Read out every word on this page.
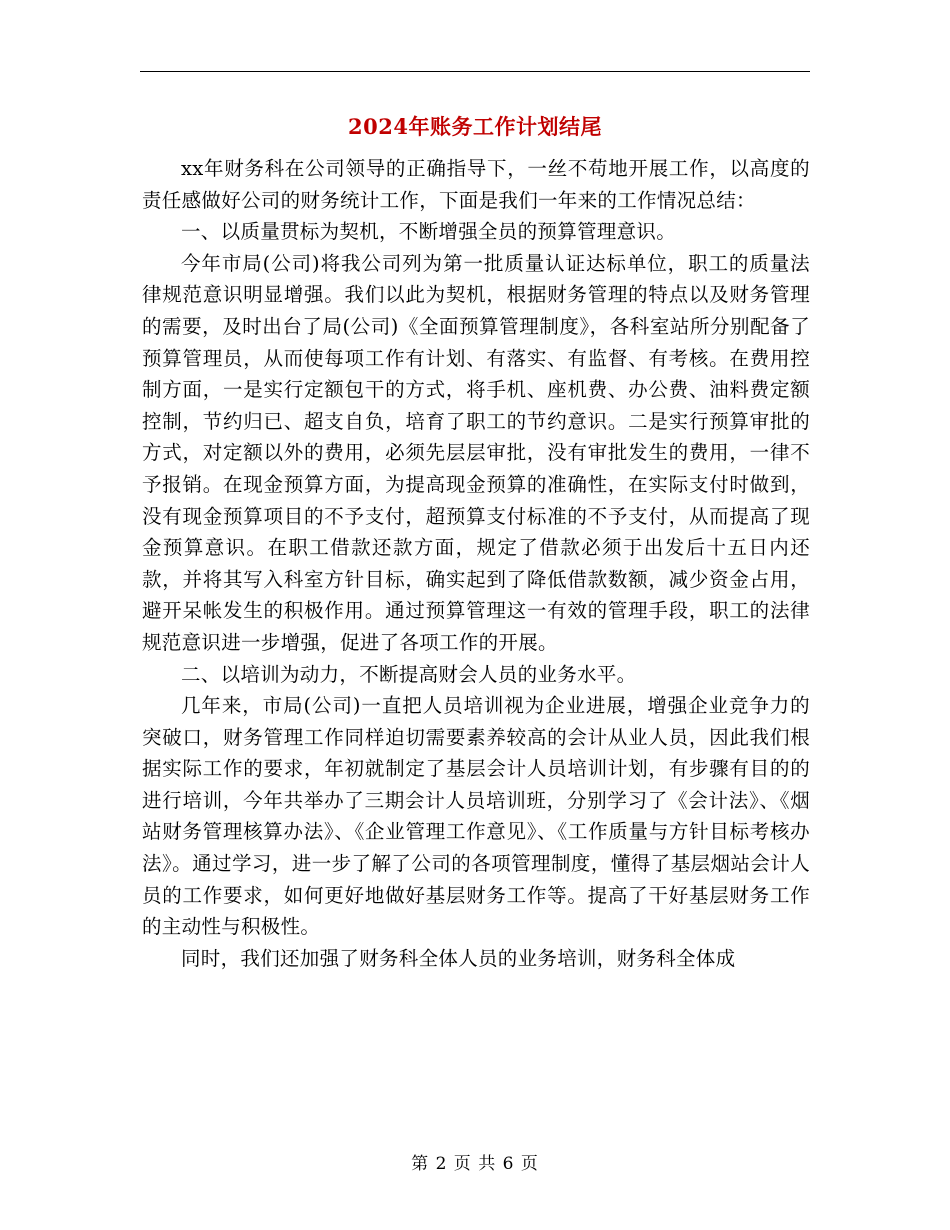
2024年账务工作计划结尾

xx年财务科在公司领导的正确指导下，一丝不苟地开展工作，以高度的责任感做好公司的财务统计工作，下面是我们一年来的工作情况总结：

一、以质量贯标为契机，不断增强全员的预算管理意识。

今年市局(公司)将我公司列为第一批质量认证达标单位，职工的质量法律规范意识明显增强。我们以此为契机，根据财务管理的特点以及财务管理的需要，及时出台了局(公司)《全面预算管理制度》，各科室站所分别配备了预算管理员，从而使每项工作有计划、有落实、有监督、有考核。在费用控制方面，一是实行定额包干的方式，将手机、座机费、办公费、油料费定额控制，节约归已、超支自负，培育了职工的节约意识。二是实行预算审批的方式，对定额以外的费用，必须先层层审批，没有审批发生的费用，一律不予报销。在现金预算方面，为提高现金预算的准确性，在实际支付时做到，没有现金预算项目的不予支付，超预算支付标准的不予支付，从而提高了现金预算意识。在职工借款还款方面，规定了借款必须于出发后十五日内还款，并将其写入科室方针目标，确实起到了降低借款数额，减少资金占用，避开呆帐发生的积极作用。通过预算管理这一有效的管理手段，职工的法律规范意识进一步增强，促进了各项工作的开展。

二、以培训为动力，不断提高财会人员的业务水平。

几年来，市局(公司)一直把人员培训视为企业进展，增强企业竞争力的突破口，财务管理工作同样迫切需要素养较高的会计从业人员，因此我们根据实际工作的要求，年初就制定了基层会计人员培训计划，有步骤有目的的进行培训，今年共举办了三期会计人员培训班，分别学习了《会计法》、《烟站财务管理核算办法》、《企业管理工作意见》、《工作质量与方针目标考核办法》。通过学习，进一步了解了公司的各项管理制度，懂得了基层烟站会计人员的工作要求，如何更好地做好基层财务工作等。提高了干好基层财务工作的主动性与积极性。

同时，我们还加强了财务科全体人员的业务培训，财务科全体成

第 2 页 共 6 页
